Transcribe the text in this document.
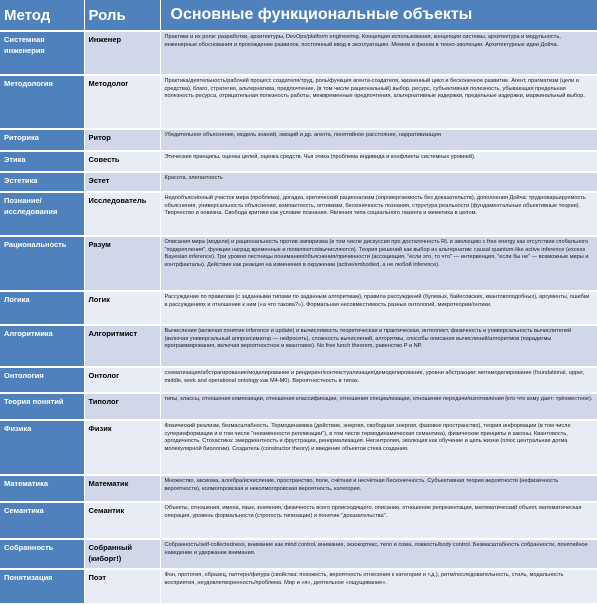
Метод	Роль	Основные функциональные объекты
Системная инженерия	Инженер	Практики и их роли: разработки, архитектуры, DevOps/platform engineering. Концепция использования, концепция системы, архитектура и модульность, инженерные обоснования и прохождение развилок, постоянный ввод в эксплуатацию. Мемом и феном в техно-эволюции. Архитектурные идеи Дойча.
Методология	Методолог	Практика/деятельность/рабочий процесс создателя/труд, роль/функция агента-создателя, жизненный цикл и бесконечное развитие. Агент, прагматизм (цели и средства), благо, стратегия, альтернатива, предпочтение, (в том числе рациональный) выбор, ресурс, субъективная полезность, убывающая предельная полезность ресурса, отрицательная полезность работы, межвременные предпочтения, альтернативные издержки, предельные издержки, маржинальный выбор.
Риторика	Ритор	Убедительное объяснение, модель знаний, эмоций и др. агента, понятийное расстояние, нарративизация
Этика	Совесть	Этические принципы, оценка целей, оценка средств. Чья этика (проблема индивида и конфликты системных уровней).
Эстетика	Эстет	Красота, элегантность
Познание/исследования	Исследователь	Недообъяснённый участок мира (проблема), догадка, критический рационализм (опровергаемость без доказательств), дополнения Дойча: трудноварьируемость объяснения, универсальность объяснения, компактность, оптимизм, бесконечность познания, структура реальности (фундаментальные объективные теории). Творчество и новизна. Свобода критики как условие познания. Явления типа социального лазинга и меметика в целом.
Рациональность	Разум	Описания мира (модели) и рациональность против эмпиризма (в том числе дискуссия про достаточность RL и эволюцию с free energy как отсутствие глобального "подкрепления", функции наград временные и появляются/вычисляются). Теория решений как выбор из альтернатив: causal quantum-like active inference (excess Bayesian inference). Три уровня лестницы понимания/объяснения/причинности (ассоциация, "если это, то что" — интервенция, "если бы не" — возможные миры и контрфакталы). Действие как реакция на изменения в окружении (active/embodied, а не любой inference).
Логика	Логик	Рассуждение по правилам (с заданными типами по заданным алгоритмам), правила рассуждений (булевых, байесовских, квантовоподобных), аргументы, ошибки в рассуждениях и отношение к ним («а что такова?»). Формальная несовместимость разных онтологий, микротеории/онтики.
Алгоритмика	Алгоритмист	Вычисления (включая понятие inference и update) и вычислимость теоретическая и практическая, интеллект, физичность и универсальность вычислителей (включая универсальный аппроксиматор — нейросеть), сложность вычислений, алгоритмы, способы описания вычислений/алгоритмов (парадигмы программирования, включая вероятностное и квантовое). No free lunch theorem, равенство P и NP.
Онтология	Онтолог	схематизация/абстрагирование/моделирование и рендеринг/контекстуализация/демоделирование, уровни абстракции: метамоделирование (foundational, upper, middle, work and operational ontology как M4-M0). Вероятностность в типах.
Теория понятий	Типолог	типы, классы, отношения композиции, отношения классификации, отношения специализации, отношение передачи/изготовления (кто что кому дает: трёхместное).
Физика	Физик	Физический реализм, безмасштабность. Термодинамика (действие, энергия, свободная энергия, фазовое пространство), теория информации (в том числе суперинформации и в том числе "неизменности репликации"), в том числе термодинамическая семантика), физические принципы и законы. Квантовость, эргодичность. Стохастика: эмерджентность и фрустрации, ренормализация. Негэнтропия, эволюция как обучение и цель жизни (плюс центральная догма молекулярной биологии). Создатель (constructor theory) и введение объектов стека создания.
Математика	Математик	Множество, аксиома, алгебра/исчисление, пространство, поле, счётная и несчётная бесконечность. Субъективная теория вероятности (нефизичность вероятности), колмогоровская и неколмогоровская вероятность, категория.
Семантика	Семантик	Объекты, отношения, имена, язык, значения, физичность всего происходящего, описание, отношение репрезентации, математический объект, математическая операция, уровень формальности (строгость типизации) и понятие "доказательства".
Собранность	Собранный (киборг!)	Собранность/self-collectedness, внимание как mind control, внимание, экзокортекс, тело и сома, ловкость/body control. Безмасштабность собранности, понятийное наведение и удержание внимания.
Понятизация	Поэт	Фон, прототип, образец, паттерн/фигура (свойства: похожесть, вероятность отнесения к категории и т.д.), ритм/последовательность, стиль, модальность восприятия, неудовлетворенность/проблема. Мир и «я», деятельное «ощущивание».
